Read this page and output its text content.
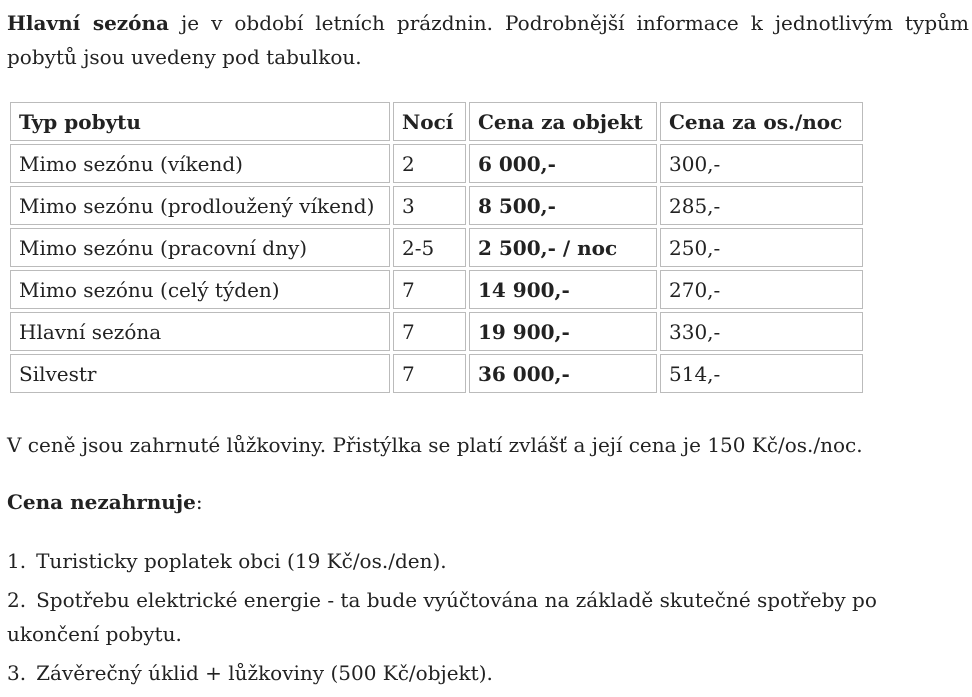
Hlavní sezóna je v období letních prázdnin. Podrobnější informace k jednotlivým typům pobytů jsou uvedeny pod tabulkou.

Typ pobytu	Nocí	Cena za objekt	Cena za os./noc
Mimo sezónu (víkend)	2	6 000,-	300,-
Mimo sezónu (prodloužený víkend)	3	8 500,-	285,-
Mimo sezónu (pracovní dny)	2-5	2 500,- / noc	250,-
Mimo sezónu (celý týden)	7	14 900,-	270,-
Hlavní sezóna	7	19 900,-	330,-
Silvestr	7	36 000,-	514,-

V ceně jsou zahrnuté lůžkoviny. Přistýlka se platí zvlášť a její cena je 150 Kč/os./noc.

Cena nezahrnuje:

1. Turisticky poplatek obci (19 Kč/os./den).
2. Spotřebu elektrické energie - ta bude vyúčtována na základě skutečné spotřeby po ukončení pobytu.
3. Závěrečný úklid + lůžkoviny (500 Kč/objekt).
